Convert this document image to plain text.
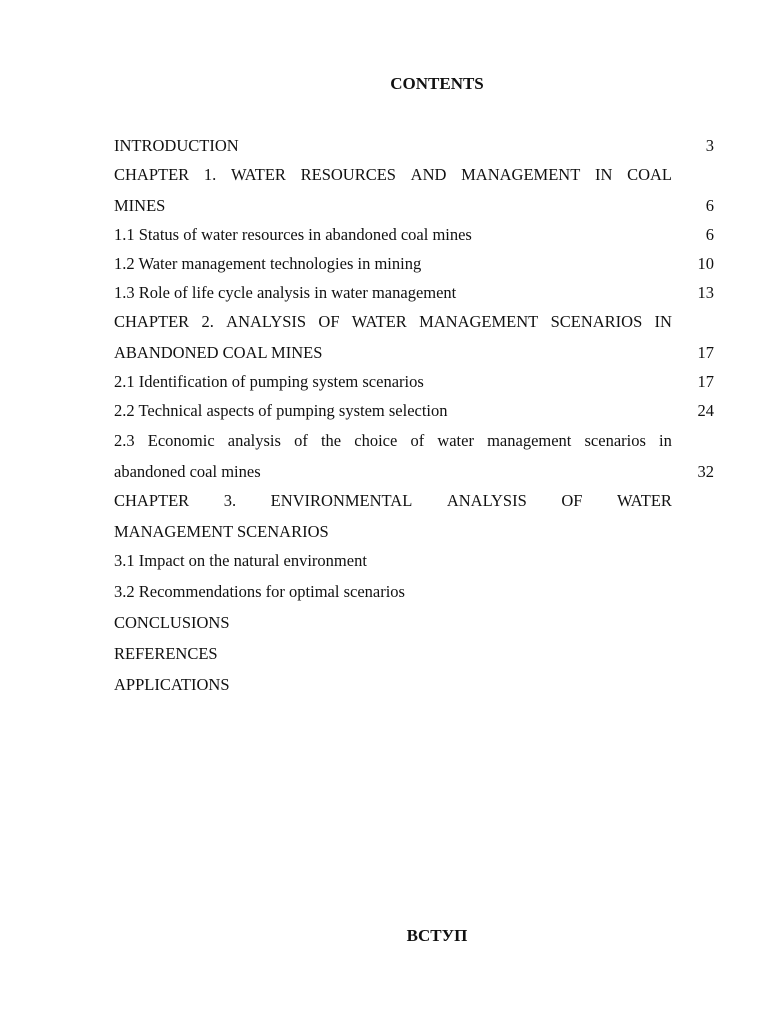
CONTENTS
INTRODUCTION	3
CHAPTER 1. WATER RESOURCES AND MANAGEMENT IN COAL
MINES	6
1.1 Status of water resources in abandoned coal mines	6
1.2 Water management technologies in mining	10
1.3 Role of life cycle analysis in water management	13
CHAPTER 2. ANALYSIS OF WATER MANAGEMENT SCENARIOS IN
ABANDONED COAL MINES	17
2.1 Identification of pumping system scenarios	17
2.2 Technical aspects of pumping system selection	24
2.3 Economic analysis of the choice of water management scenarios in
abandoned coal mines	32
CHAPTER 3. ENVIRONMENTAL ANALYSIS OF WATER
MANAGEMENT SCENARIOS
3.1 Impact on the natural environment
3.2 Recommendations for optimal scenarios
CONCLUSIONS
REFERENCES
APPLICATIONS
ВСТУП
